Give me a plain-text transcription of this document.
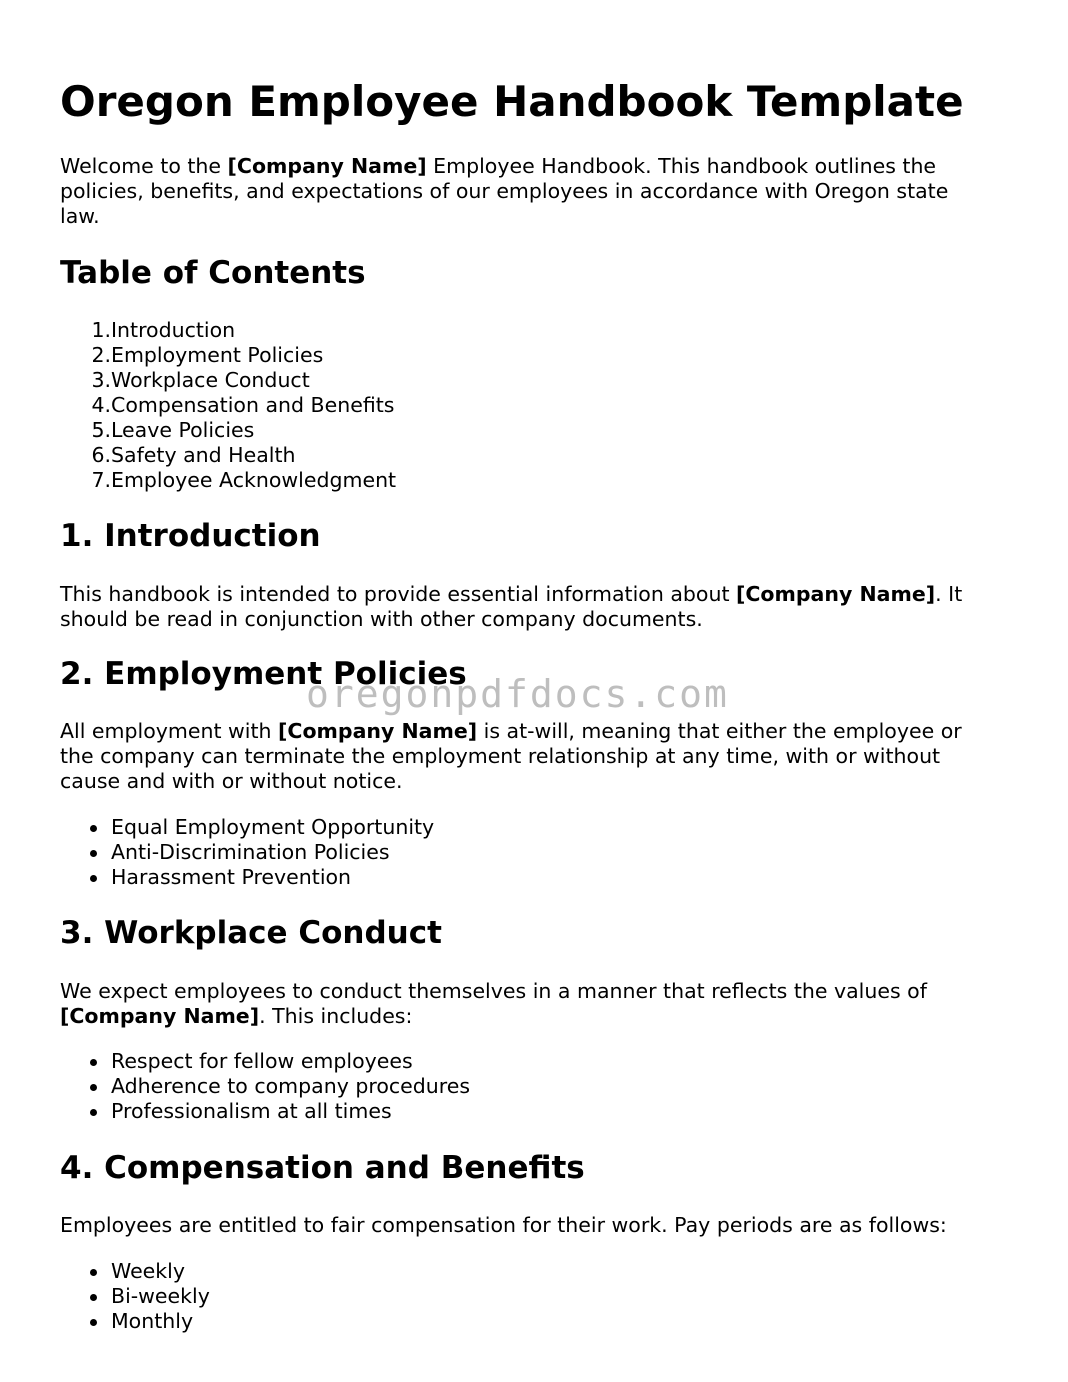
Oregon Employee Handbook Template

Welcome to the [Company Name] Employee Handbook. This handbook outlines the policies, benefits, and expectations of our employees in accordance with Oregon state law.

Table of Contents
1. Introduction
2. Employment Policies
3. Workplace Conduct
4. Compensation and Benefits
5. Leave Policies
6. Safety and Health
7. Employee Acknowledgment
1. Introduction

This handbook is intended to provide essential information about [Company Name]. It should be read in conjunction with other company documents.

2. Employment Policies

All employment with [Company Name] is at-will, meaning that either the employee or the company can terminate the employment relationship at any time, with or without cause and with or without notice.

Equal Employment Opportunity
Anti-Discrimination Policies
Harassment Prevention
3. Workplace Conduct

We expect employees to conduct themselves in a manner that reflects the values of [Company Name]. This includes:

Respect for fellow employees
Adherence to company procedures
Professionalism at all times
4. Compensation and Benefits

Employees are entitled to fair compensation for their work. Pay periods are as follows:

Weekly
Bi-weekly
Monthly
oregonpdfdocs.com
